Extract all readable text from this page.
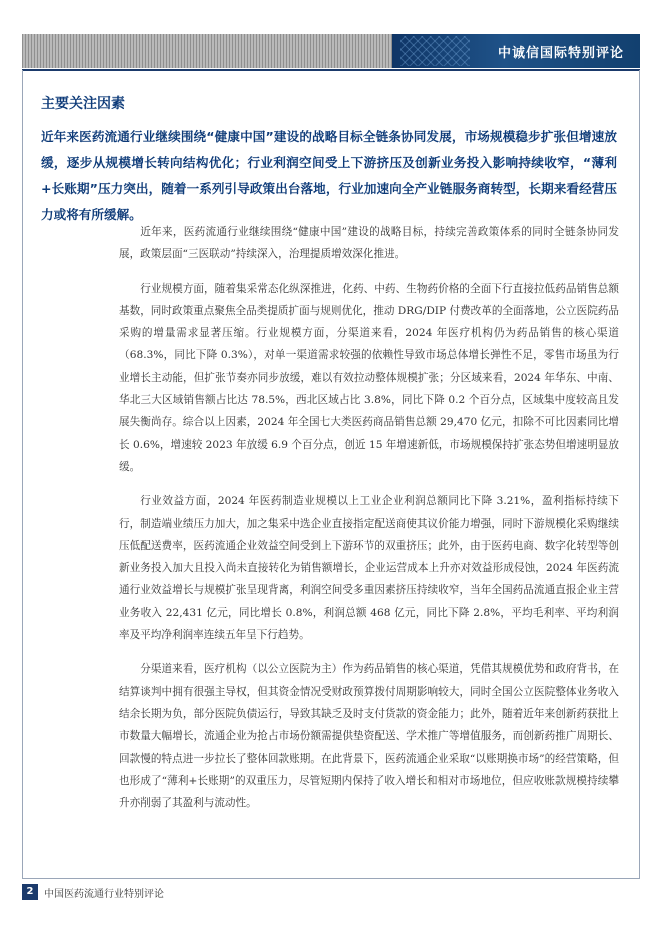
中诚信国际特别评论
主要关注因素
近年来医药流通行业继续围绕“健康中国”建设的战略目标全链条协同发展，市场规模稳步扩张但增速放缓，逐步从规模增长转向结构优化；行业利润空间受上下游挤压及创新业务投入影响持续收窄，“薄利+长账期”压力突出，随着一系列引导政策出台落地，行业加速向全产业链服务商转型，长期来看经营压力或将有所缓解。

近年来，医药流通行业继续围绕“健康中国”建设的战略目标，持续完善政策体系的同时全链条协同发展，政策层面“三医联动”持续深入，治理提质增效深化推进。

行业规模方面，随着集采常态化纵深推进，化药、中药、生物药价格的全面下行直接拉低药品销售总额基数，同时政策重点聚焦全品类提质扩面与规则优化，推动 DRG/DIP 付费改革的全面落地，公立医院药品采购的增量需求显著压缩。行业规模方面，分渠道来看，2024 年医疗机构仍为药品销售的核心渠道（68.3%，同比下降 0.3%），对单一渠道需求较强的依赖性导致市场总体增长弹性不足，零售市场虽为行业增长主动能，但扩张节奏亦同步放缓，难以有效拉动整体规模扩张；分区域来看，2024 年华东、中南、华北三大区域销售额占比达 78.5%，西北区域占比 3.8%，同比下降 0.2 个百分点，区域集中度较高且发展失衡尚存。综合以上因素，2024 年全国七大类医药商品销售总额 29,470 亿元，扣除不可比因素同比增长 0.6%，增速较 2023 年放缓 6.9 个百分点，创近 15 年增速新低，市场规模保持扩张态势但增速明显放缓。

行业效益方面，2024 年医药制造业规模以上工业企业利润总额同比下降 3.21%，盈利指标持续下行，制造端业绩压力加大，加之集采中选企业直接指定配送商使其议价能力增强，同时下游规模化采购继续压低配送费率，医药流通企业效益空间受到上下游环节的双重挤压；此外，由于医药电商、数字化转型等创新业务投入加大且投入尚未直接转化为销售额增长，企业运营成本上升亦对效益形成侵蚀，2024 年医药流通行业效益增长与规模扩张呈现背离，利润空间受多重因素挤压持续收窄，当年全国药品流通直报企业主营业务收入 22,431 亿元，同比增长 0.8%，利润总额 468 亿元，同比下降 2.8%，平均毛利率、平均利润率及平均净利润率连续五年呈下行趋势。

分渠道来看，医疗机构（以公立医院为主）作为药品销售的核心渠道，凭借其规模优势和政府背书，在结算谈判中拥有很强主导权，但其资金情况受财政预算拨付周期影响较大，同时全国公立医院整体业务收入结余长期为负，部分医院负债运行，导致其缺乏及时支付货款的资金能力；此外，随着近年来创新药获批上市数量大幅增长，流通企业为抢占市场份额需提供垫资配送、学术推广等增值服务，而创新药推广周期长、回款慢的特点进一步拉长了整体回款账期。在此背景下，医药流通企业采取“以账期换市场”的经营策略，但也形成了“薄利+长账期”的双重压力，尽管短期内保持了收入增长和相对市场地位，但应收账款规模持续攀升亦削弱了其盈利与流动性。

2	中国医药流通行业特别评论
